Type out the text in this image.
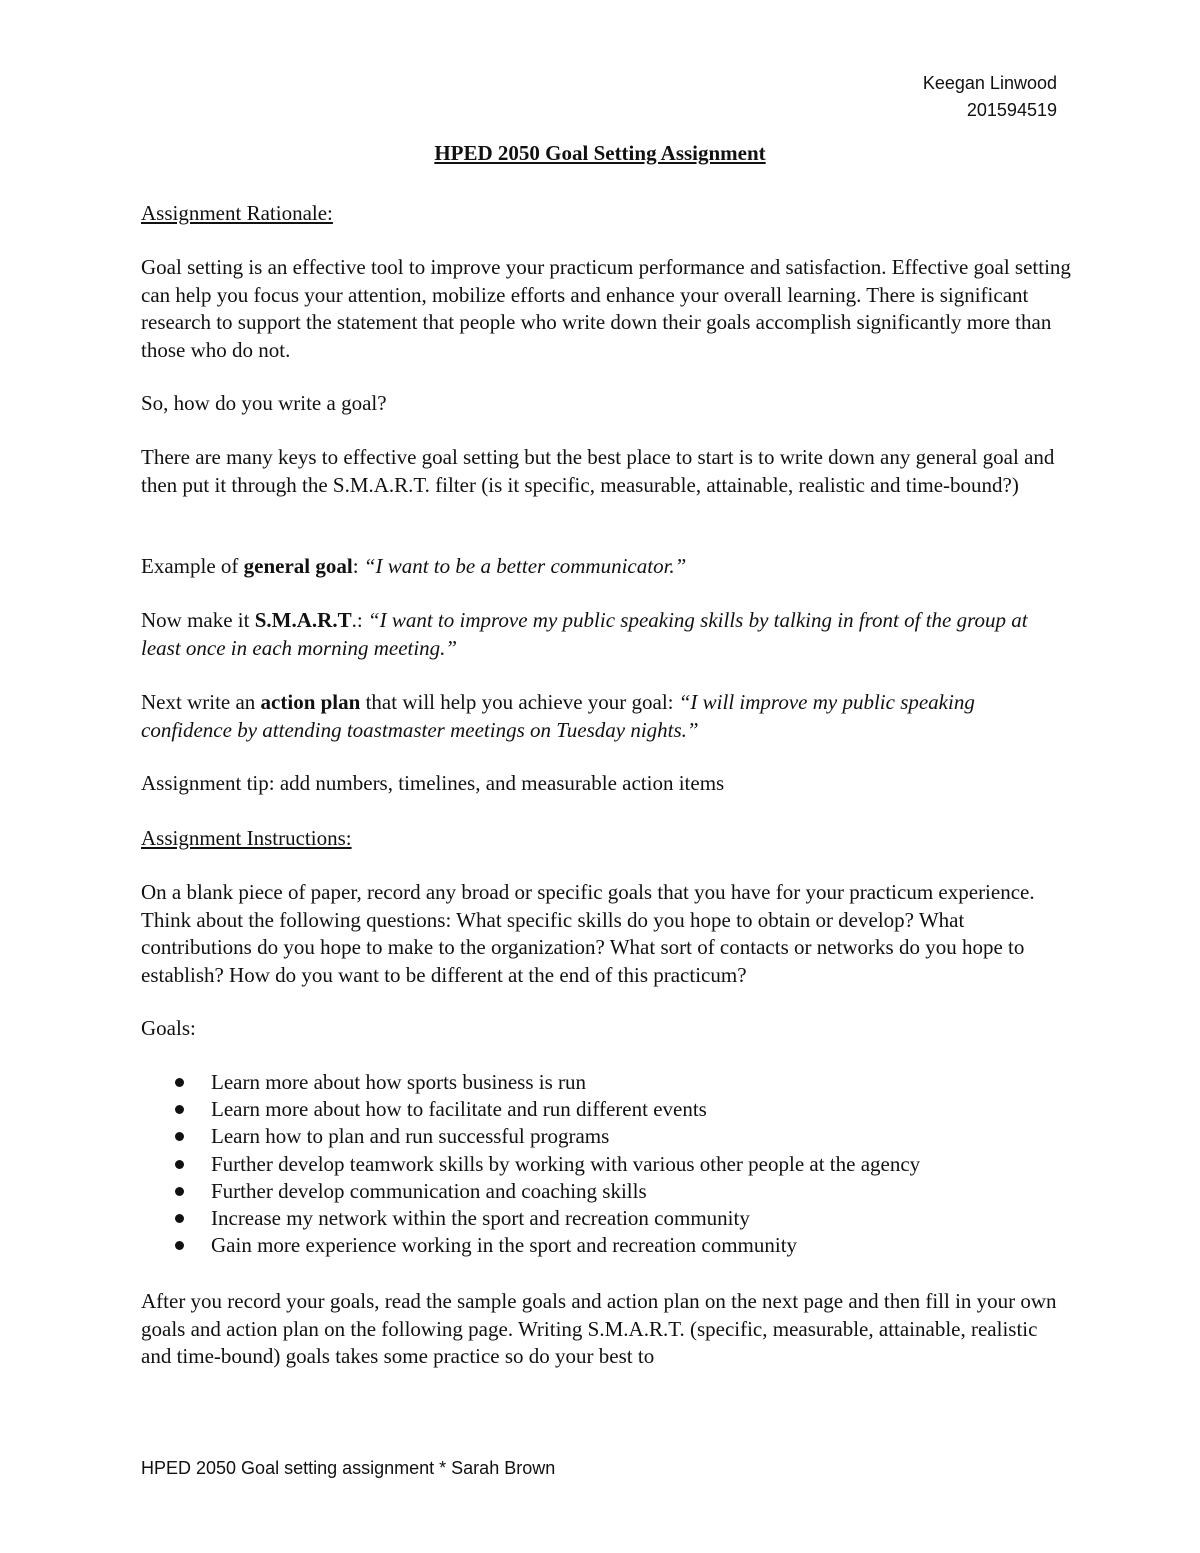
Keegan Linwood
201594519
HPED 2050 Goal Setting Assignment
Assignment Rationale:
Goal setting is an effective tool to improve your practicum performance and satisfaction. Effective goal setting can help you focus your attention, mobilize efforts and enhance your overall learning. There is significant research to support the statement that people who write down their goals accomplish significantly more than those who do not.
So, how do you write a goal?
There are many keys to effective goal setting but the best place to start is to write down any general goal and then put it through the S.M.A.R.T. filter (is it specific, measurable, attainable, realistic and time-bound?)
Example of general goal: “I want to be a better communicator.”
Now make it S.M.A.R.T.: “I want to improve my public speaking skills by talking in front of the group at least once in each morning meeting.”
Next write an action plan that will help you achieve your goal: “I will improve my public speaking confidence by attending toastmaster meetings on Tuesday nights.”
Assignment tip: add numbers, timelines, and measurable action items
Assignment Instructions:
On a blank piece of paper, record any broad or specific goals that you have for your practicum experience. Think about the following questions: What specific skills do you hope to obtain or develop? What contributions do you hope to make to the organization? What sort of contacts or networks do you hope to establish? How do you want to be different at the end of this practicum?
Goals:
Learn more about how sports business is run
Learn more about how to facilitate and run different events
Learn how to plan and run successful programs
Further develop teamwork skills by working with various other people at the agency
Further develop communication and coaching skills
Increase my network within the sport and recreation community
Gain more experience working in the sport and recreation community
After you record your goals, read the sample goals and action plan on the next page and then fill in your own goals and action plan on the following page. Writing S.M.A.R.T. (specific, measurable, attainable, realistic and time-bound) goals takes some practice so do your best to
HPED 2050 Goal setting assignment * Sarah Brown
